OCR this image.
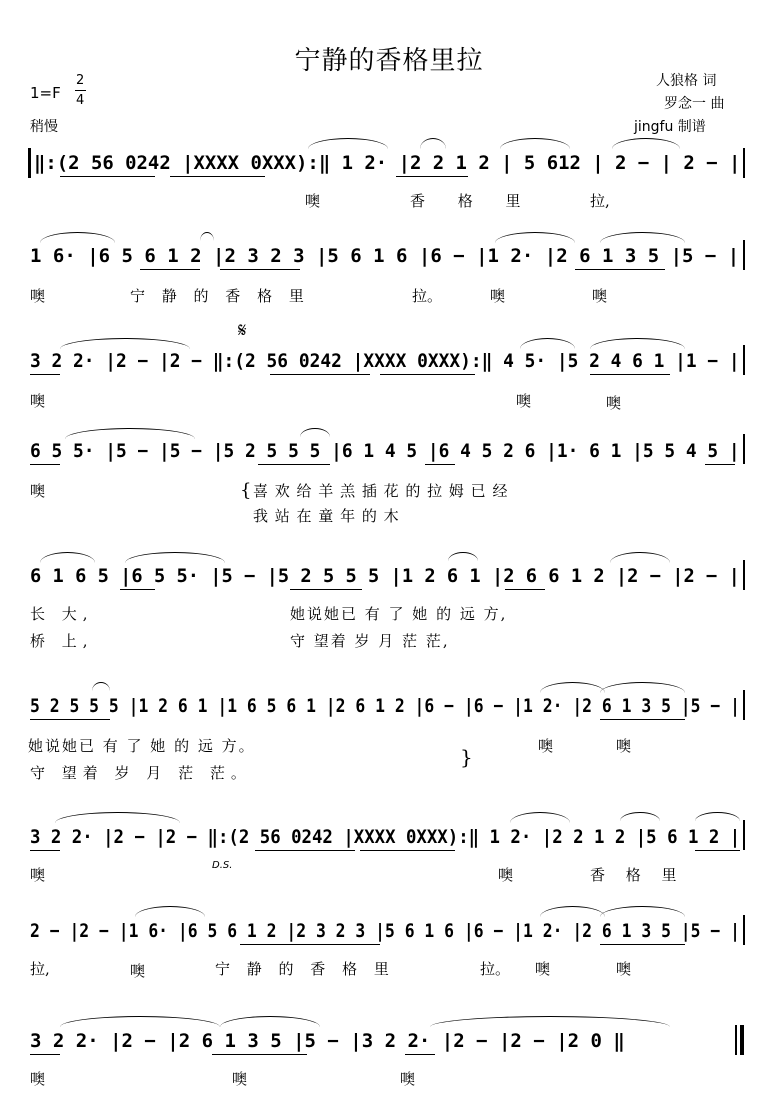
宁静的香格里拉
1=F
2
4
稍慢
人狼格 词
罗念一 曲
jingfu 制谱
‖:(2 56 0242 |XXXX 0XXX):‖ 1 2· |2 2 1 2 | 5 612 | 2 − | 2 − |
噢	香 格 里	拉,
1 6· |6 5 6 1 2 |2 3 2 3 |5 6 1 6 |6 − |1 2· |2 6 1 3 5 |5 − |
噢	宁 静 的 香 格 里	拉。	噢	噢
𝄋
3 2 2· |2 − |2 − ‖:(2 56 0242 |XXXX 0XXX):‖ 4 5· |5 2 4 6 1 |1 − |
噢	噢	噢
6 5 5· |5 − |5 − |5 2 5 5 5 |6 1 4 5 |6 4 5 2 6 |1· 6 1 |5 5 4 5 |
噢	{ 喜 欢 给 羊 羔 插 花 的 拉 姆 已 经
我 站 在 童 年 的 木
6 1 6 5 |6 5 5· |5 − |5 2 5 5 5 |1 2 6 1 |2 6 6 1 2 |2 − |2 − |
长 大,	她说她已 有 了 她 的 远 方,
桥 上,	守 望着 岁 月 茫 茫,
5 2 5 5 5 |1 2 6 1 |1 6 5 6 1 |2 6 1 2 |6 − |6 − |1 2· |2 6 1 3 5 |5 − |
她说她已 有 了 她 的 远 方。
守 望着 岁 月 茫 茫。
}	噢	噢
3 2 2· |2 − |2 − ‖:(2 56 0242 |XXXX 0XXX):‖ 1 2· |2 2 1 2 |5 6 1 2 |
D.S.
噢	噢	香 格 里
2 − |2 − |1 6· |6 5 6 1 2 |2 3 2 3 |5 6 1 6 |6 − |1 2· |2 6 1 3 5 |5 − |
拉,	噢	宁 静 的 香 格 里	拉。 噢	噢
3 2 2· |2 − |2 6 1 3 5 |5 − |3 2 2· |2 − |2 − |2 0 ‖
噢	噢	噢
